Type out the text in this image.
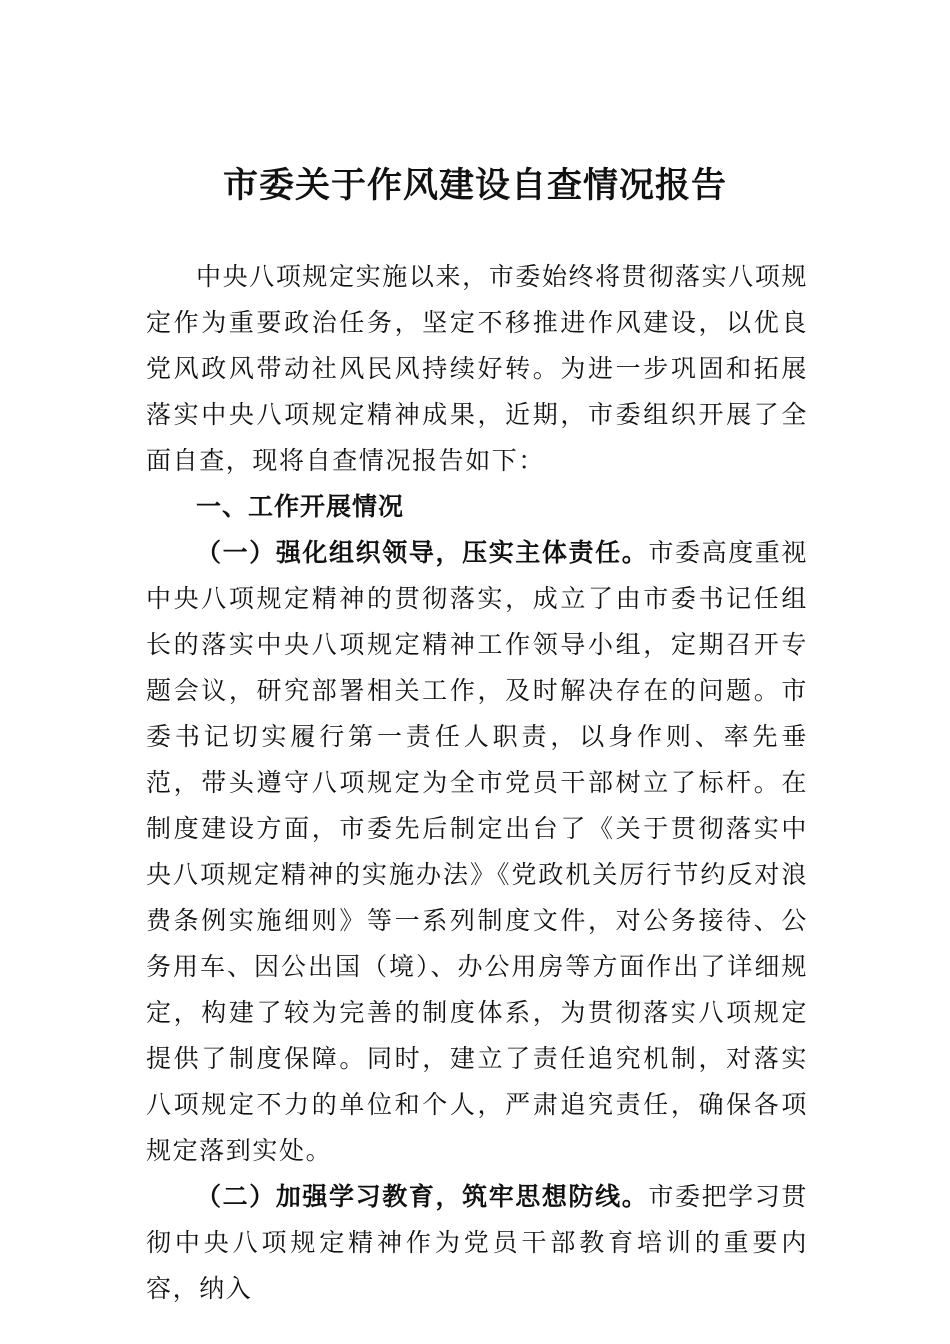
市委关于作风建设自查情况报告

中央八项规定实施以来，市委始终将贯彻落实八项规定作为重要政治任务，坚定不移推进作风建设，以优良党风政风带动社风民风持续好转。为进一步巩固和拓展落实中央八项规定精神成果，近期，市委组织开展了全面自查，现将自查情况报告如下：

一、工作开展情况

（一）强化组织领导，压实主体责任。市委高度重视中央八项规定精神的贯彻落实，成立了由市委书记任组长的落实中央八项规定精神工作领导小组，定期召开专题会议，研究部署相关工作，及时解决存在的问题。市委书记切实履行第一责任人职责，以身作则、率先垂范，带头遵守八项规定为全市党员干部树立了标杆。在制度建设方面，市委先后制定出台了《关于贯彻落实中央八项规定精神的实施办法》《党政机关厉行节约反对浪费条例实施细则》等一系列制度文件，对公务接待、公务用车、因公出国（境）、办公用房等方面作出了详细规定，构建了较为完善的制度体系，为贯彻落实八项规定提供了制度保障。同时，建立了责任追究机制，对落实八项规定不力的单位和个人，严肃追究责任，确保各项规定落到实处。

（二）加强学习教育，筑牢思想防线。市委把学习贯彻中央八项规定精神作为党员干部教育培训的重要内容，纳入
